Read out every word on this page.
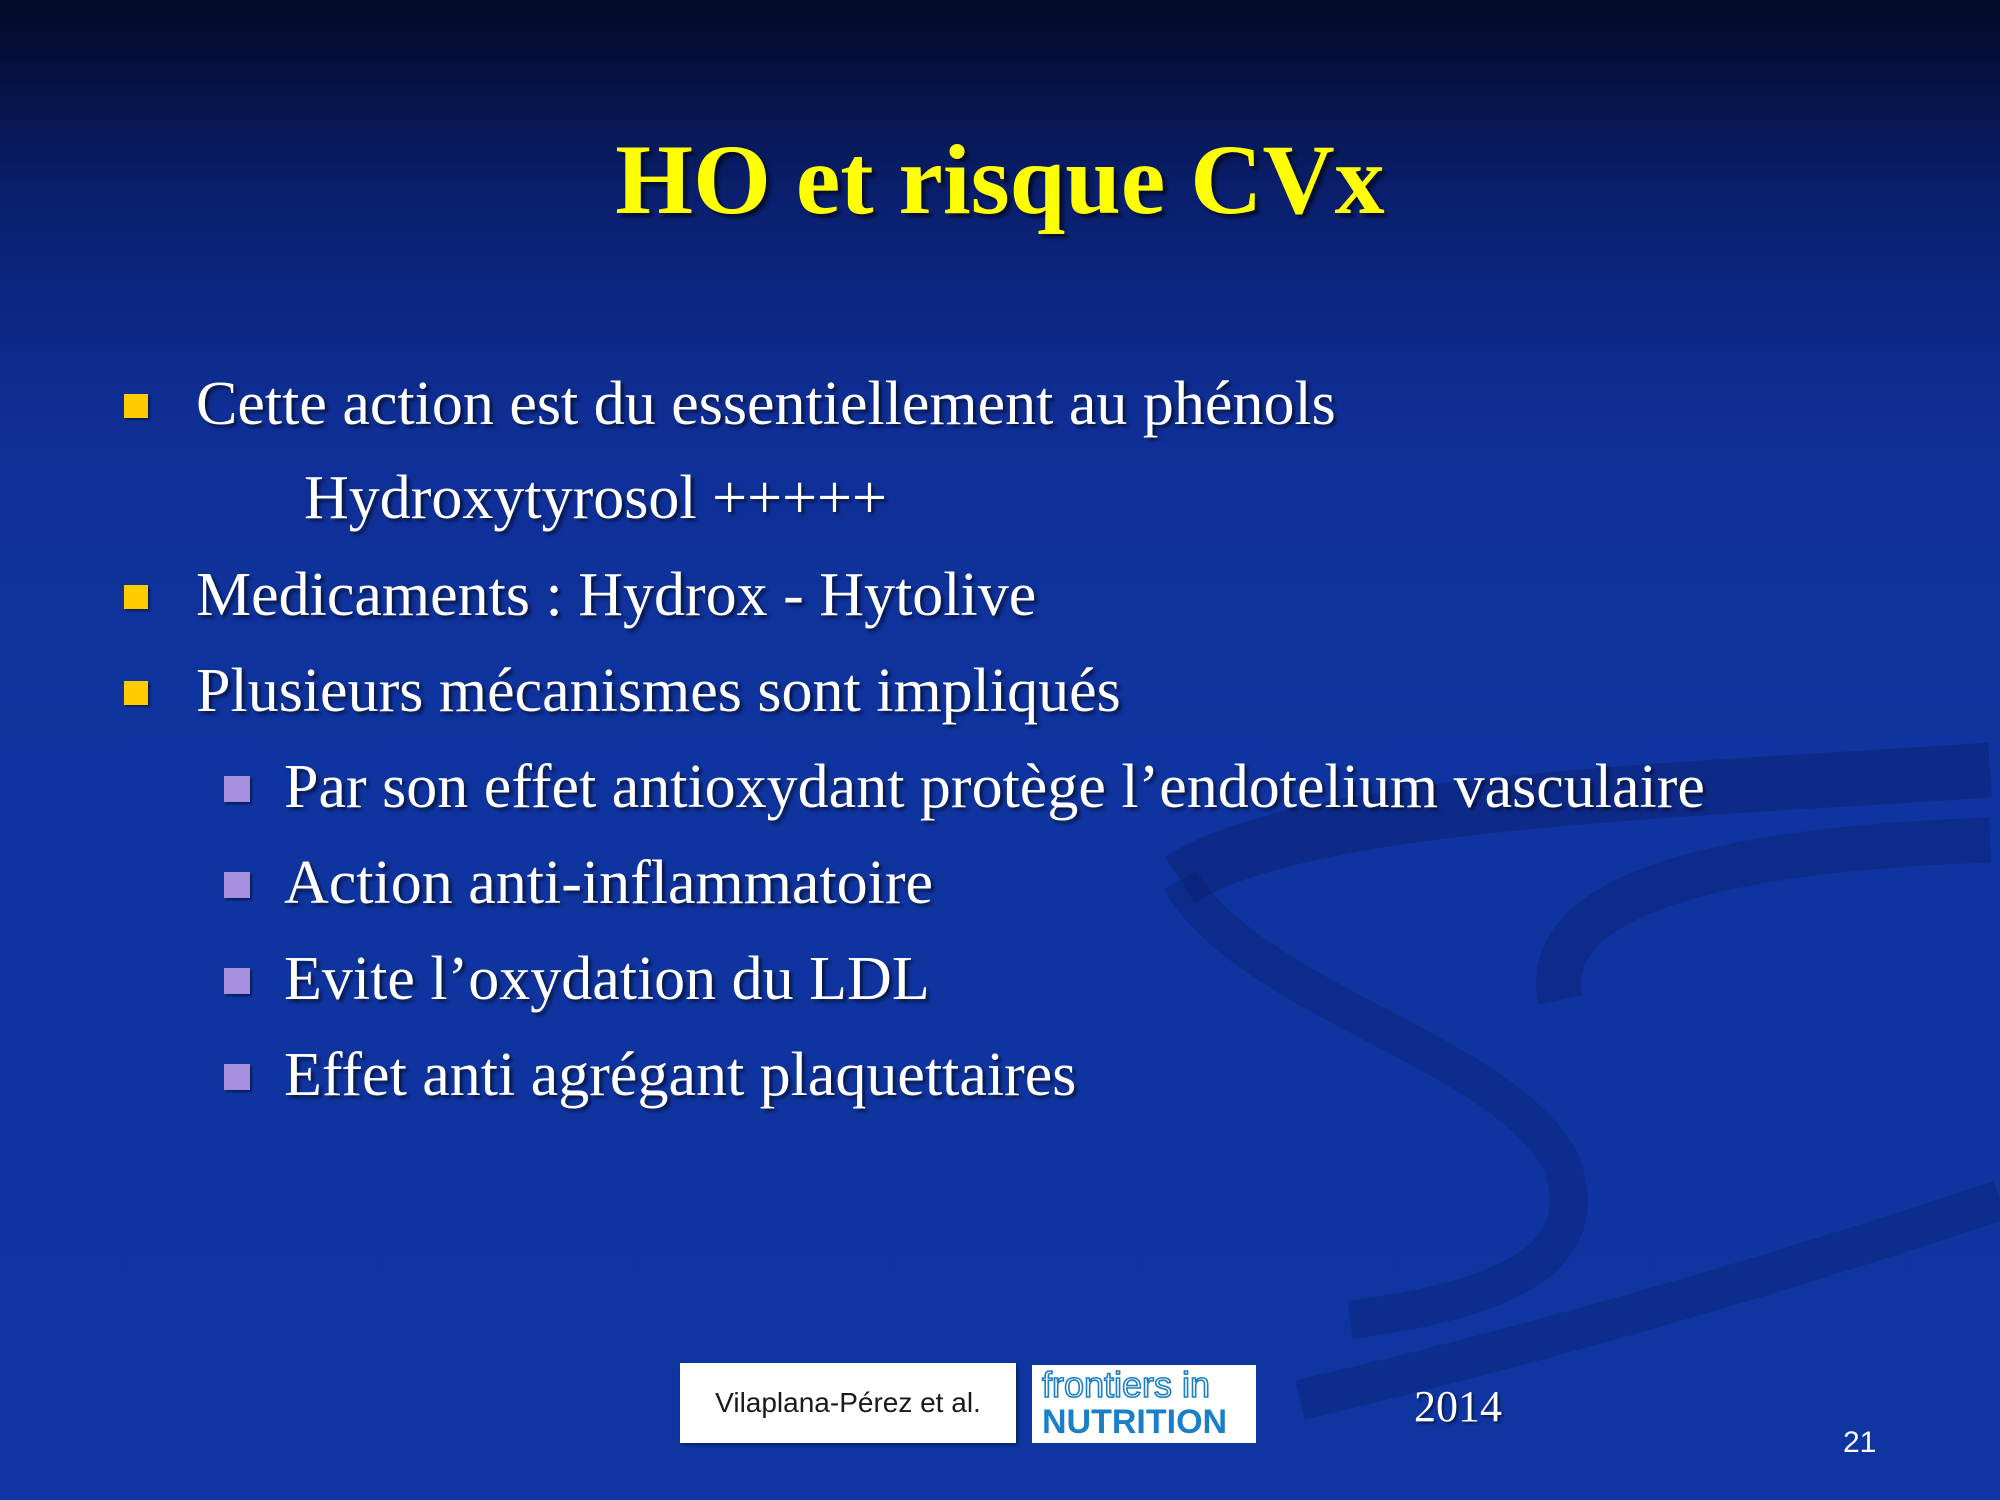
HO et risque CVx
Cette action est du essentiellement au phénols
Hydroxytyrosol +++++
Medicaments : Hydrox - Hytolive
Plusieurs mécanismes sont impliqués
Par son effet antioxydant protège l’endotelium vasculaire
Action anti-inflammatoire
Evite l’oxydation du LDL
Effet anti agrégant plaquettaires
Vilaplana-Pérez et al. frontiers in
NUTRITION	2014
21
